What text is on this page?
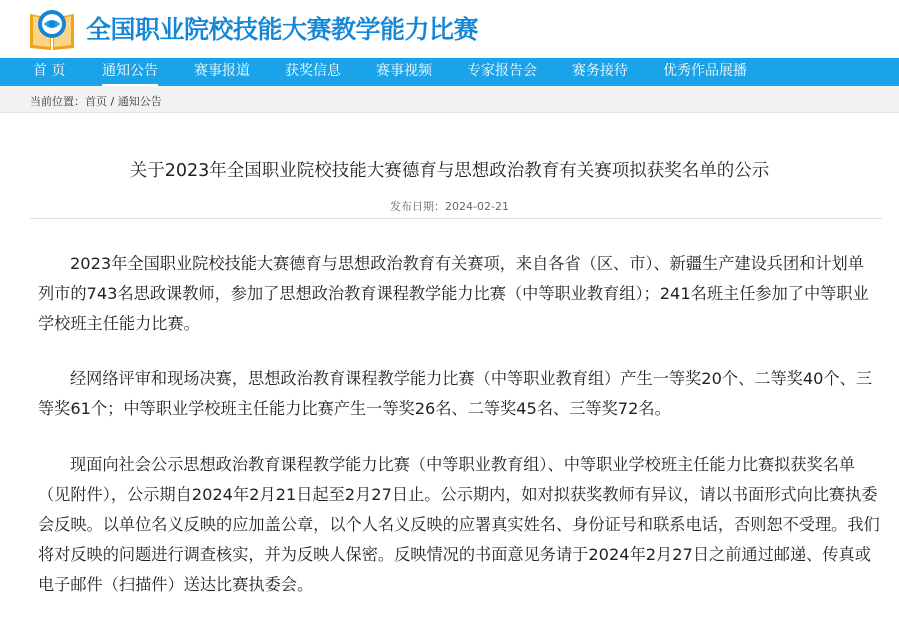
全国职业院校技能大赛教学能力比赛
首 页	通知公告	赛事报道	获奖信息	赛事视频	专家报告会	赛务接待	优秀作品展播
当前位置：首页 / 通知公告
关于2023年全国职业院校技能大赛德育与思想政治教育有关赛项拟获奖名单的公示
发布日期：2024-02-21
2023年全国职业院校技能大赛德育与思想政治教育有关赛项，来自各省（区、市）、新疆生产建设兵团和计划单列市的743名思政课教师，参加了思想政治教育课程教学能力比赛（中等职业教育组）；241名班主任参加了中等职业学校班主任能力比赛。
经网络评审和现场决赛，思想政治教育课程教学能力比赛（中等职业教育组）产生一等奖20个、二等奖40个、三等奖61个；中等职业学校班主任能力比赛产生一等奖26名、二等奖45名、三等奖72名。
现面向社会公示思想政治教育课程教学能力比赛（中等职业教育组）、中等职业学校班主任能力比赛拟获奖名单（见附件），公示期自2024年2月21日起至2月27日止。公示期内，如对拟获奖教师有异议，请以书面形式向比赛执委会反映。以单位名义反映的应加盖公章，以个人名义反映的应署真实姓名、身份证号和联系电话，否则恕不受理。我们将对反映的问题进行调查核实，并为反映人保密。反映情况的书面意见务请于2024年2月27日之前通过邮递、传真或电子邮件（扫描件）送达比赛执委会。
